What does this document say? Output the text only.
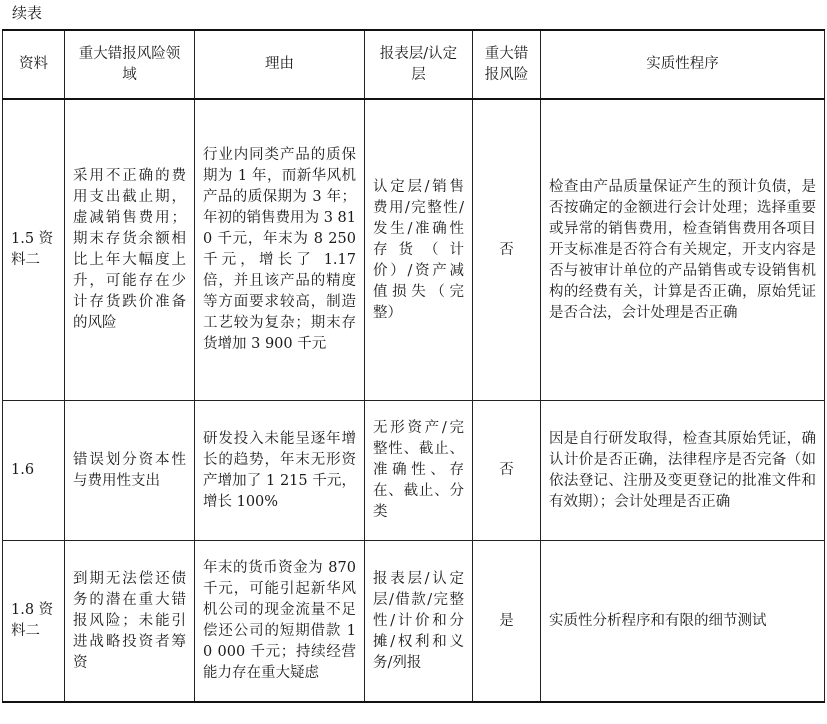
续表
资料	重大错报风险领域	理由	报表层/认定层	重大错报风险	实质性程序
1.5 资料二	采用不正确的费用支出截止期，虚减销售费用；期末存货余额相比上年大幅度上升，可能存在少计存货跌价准备的风险	行业内同类产品的质保期为 1 年，而新华风机产品的质保期为 3 年；年初的销售费用为 3 810 千元，年末为 8 250 千元，增长了 1.17 倍，并且该产品的精度等方面要求较高，制造工艺较为复杂；期末存货增加 3 900 千元	认定层/销售费用/完整性/发生/准确性存货（计价）/资产减值损失（完整）	否	检查由产品质量保证产生的预计负债，是否按确定的金额进行会计处理；选择重要或异常的销售费用，检查销售费用各项目开支标准是否符合有关规定，开支内容是否与被审计单位的产品销售或专设销售机构的经费有关，计算是否正确，原始凭证是否合法，会计处理是否正确
1.6	错误划分资本性与费用性支出	研发投入未能呈逐年增长的趋势，年末无形资产增加了 1 215 千元，增长 100%	无形资产/完整性、截止、准确性、存在、截止、分类	否	因是自行研发取得，检查其原始凭证，确认计价是否正确，法律程序是否完备（如依法登记、注册及变更登记的批准文件和有效期）；会计处理是否正确
1.8 资料二	到期无法偿还债务的潜在重大错报风险；未能引进战略投资者筹资	年末的货币资金为 870 千元，可能引起新华风机公司的现金流量不足偿还公司的短期借款 10 000 千元；持续经营能力存在重大疑虑	报表层/认定层/借款/完整性/计价和分摊/权利和义务/列报	是	实质性分析程序和有限的细节测试
